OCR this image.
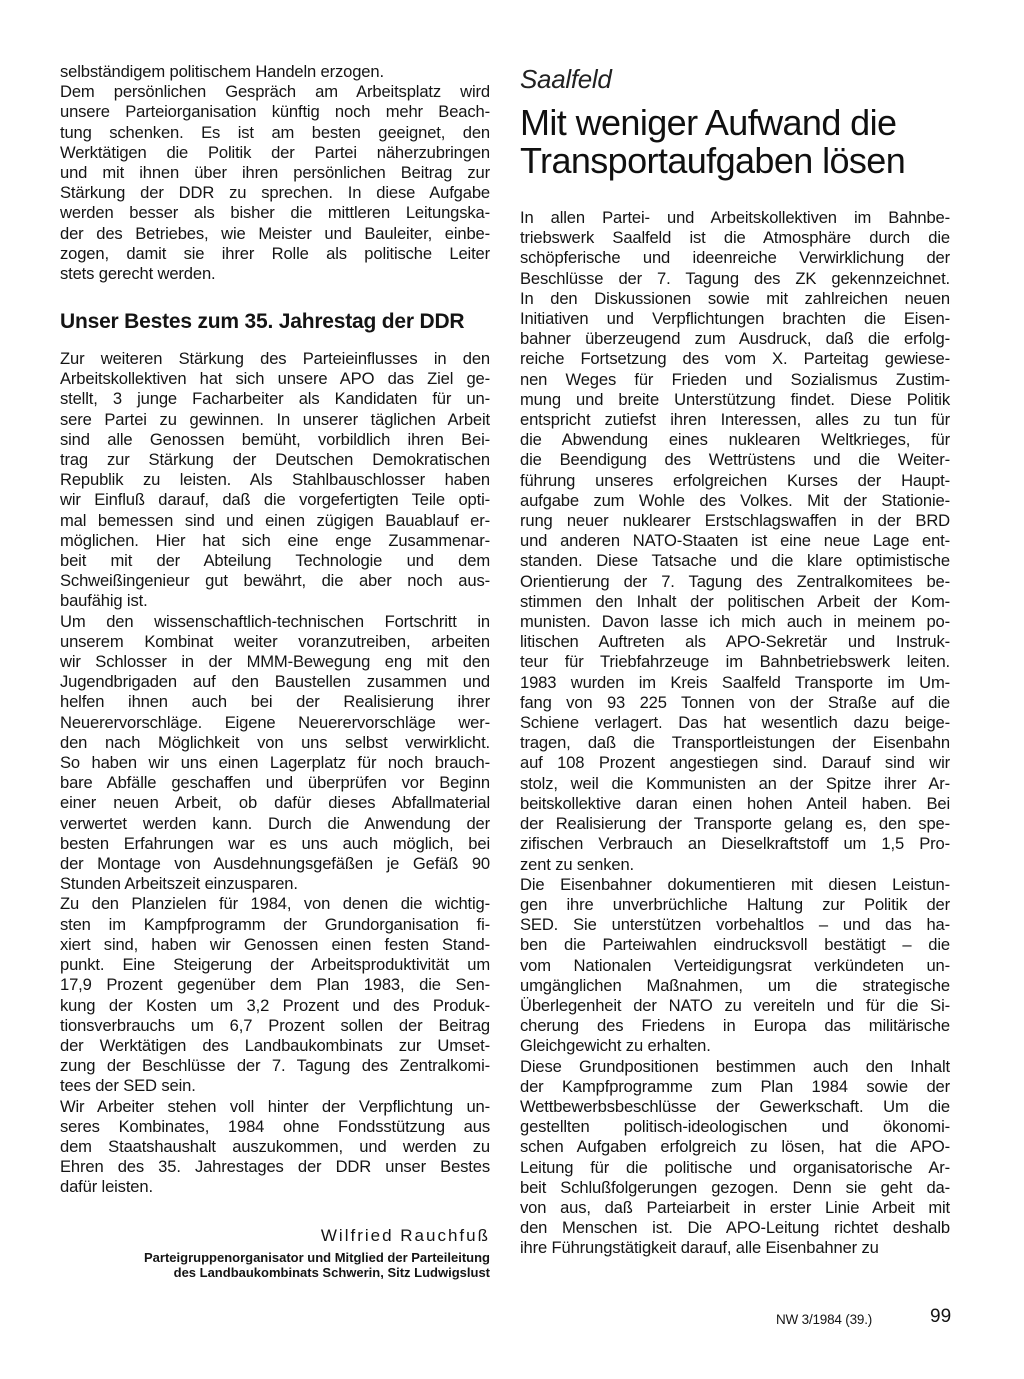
selbständigem politischem Handeln erzogen.

Dem persönlichen Gespräch am Arbeitsplatz wird

unsere Parteiorganisation künftig noch mehr Beach-

tung schenken. Es ist am besten geeignet, den

Werktätigen die Politik der Partei näherzubringen

und mit ihnen über ihren persönlichen Beitrag zur

Stärkung der DDR zu sprechen. In diese Aufgabe

werden besser als bisher die mittleren Leitungska-

der des Betriebes, wie Meister und Bauleiter, einbe-

zogen, damit sie ihrer Rolle als politische Leiter

stets gerecht werden.

Unser Bestes zum 35. Jahrestag der DDR

Zur weiteren Stärkung des Parteieinflusses in den

Arbeitskollektiven hat sich unsere APO das Ziel ge-

stellt, 3 junge Facharbeiter als Kandidaten für un-

sere Partei zu gewinnen. In unserer täglichen Arbeit

sind alle Genossen bemüht, vorbildlich ihren Bei-

trag zur Stärkung der Deutschen Demokratischen

Republik zu leisten. Als Stahlbauschlosser haben

wir Einfluß darauf, daß die vorgefertigten Teile opti-

mal bemessen sind und einen zügigen Bauablauf er-

möglichen. Hier hat sich eine enge Zusammenar-

beit mit der Abteilung Technologie und dem

Schweißingenieur gut bewährt, die aber noch aus-

baufähig ist.

Um den wissenschaftlich-technischen Fortschritt in

unserem Kombinat weiter voranzutreiben, arbeiten

wir Schlosser in der MMM-Bewegung eng mit den

Jugendbrigaden auf den Baustellen zusammen und

helfen ihnen auch bei der Realisierung ihrer

Neuerervorschläge. Eigene Neuerervorschläge wer-

den nach Möglichkeit von uns selbst verwirklicht.

So haben wir uns einen Lagerplatz für noch brauch-

bare Abfälle geschaffen und überprüfen vor Beginn

einer neuen Arbeit, ob dafür dieses Abfallmaterial

verwertet werden kann. Durch die Anwendung der

besten Erfahrungen war es uns auch möglich, bei

der Montage von Ausdehnungsgefäßen je Gefäß 90

Stunden Arbeitszeit einzusparen.

Zu den Planzielen für 1984, von denen die wichtig-

sten im Kampfprogramm der Grundorganisation fi-

xiert sind, haben wir Genossen einen festen Stand-

punkt. Eine Steigerung der Arbeitsproduktivität um

17,9 Prozent gegenüber dem Plan 1983, die Sen-

kung der Kosten um 3,2 Prozent und des Produk-

tionsverbrauchs um 6,7 Prozent sollen der Beitrag

der Werktätigen des Landbaukombinats zur Umset-

zung der Beschlüsse der 7. Tagung des Zentralkomi-

tees der SED sein.

Wir Arbeiter stehen voll hinter der Verpflichtung un-

seres Kombinates, 1984 ohne Fondsstützung aus

dem Staatshaushalt auszukommen, und werden zu

Ehren des 35. Jahrestages der DDR unser Bestes

dafür leisten.

Wilfried Rauchfuß
Parteigruppenorganisator und Mitglied der Parteileitung
des Landbaukombinats Schwerin, Sitz Ludwigslust
Saalfeld
Mit weniger Aufwand die
Transportaufgaben lösen

In allen Partei- und Arbeitskollektiven im Bahnbe-

triebswerk Saalfeld ist die Atmosphäre durch die

schöpferische und ideenreiche Verwirklichung der

Beschlüsse der 7. Tagung des ZK gekennzeichnet.

In den Diskussionen sowie mit zahlreichen neuen

Initiativen und Verpflichtungen brachten die Eisen-

bahner überzeugend zum Ausdruck, daß die erfolg-

reiche Fortsetzung des vom X. Parteitag gewiese-

nen Weges für Frieden und Sozialismus Zustim-

mung und breite Unterstützung findet. Diese Politik

entspricht zutiefst ihren Interessen, alles zu tun für

die Abwendung eines nuklearen Weltkrieges, für

die Beendigung des Wettrüstens und die Weiter-

führung unseres erfolgreichen Kurses der Haupt-

aufgabe zum Wohle des Volkes. Mit der Stationie-

rung neuer nuklearer Erstschlagswaffen in der BRD

und anderen NATO-Staaten ist eine neue Lage ent-

standen. Diese Tatsache und die klare optimistische

Orientierung der 7. Tagung des Zentralkomitees be-

stimmen den Inhalt der politischen Arbeit der Kom-

munisten. Davon lasse ich mich auch in meinem po-

litischen Auftreten als APO-Sekretär und Instruk-

teur für Triebfahrzeuge im Bahnbetriebswerk leiten.

1983 wurden im Kreis Saalfeld Transporte im Um-

fang von 93 225 Tonnen von der Straße auf die

Schiene verlagert. Das hat wesentlich dazu beige-

tragen, daß die Transportleistungen der Eisenbahn

auf 108 Prozent angestiegen sind. Darauf sind wir

stolz, weil die Kommunisten an der Spitze ihrer Ar-

beitskollektive daran einen hohen Anteil haben. Bei

der Realisierung der Transporte gelang es, den spe-

zifischen Verbrauch an Dieselkraftstoff um 1,5 Pro-

zent zu senken.

Die Eisenbahner dokumentieren mit diesen Leistun-

gen ihre unverbrüchliche Haltung zur Politik der

SED. Sie unterstützen vorbehaltlos – und das ha-

ben die Parteiwahlen eindrucksvoll bestätigt – die

vom Nationalen Verteidigungsrat verkündeten un-

umgänglichen Maßnahmen, um die strategische

Überlegenheit der NATO zu vereiteln und für die Si-

cherung des Friedens in Europa das militärische

Gleichgewicht zu erhalten.

Diese Grundpositionen bestimmen auch den Inhalt

der Kampfprogramme zum Plan 1984 sowie der

Wettbewerbsbeschlüsse der Gewerkschaft. Um die

gestellten politisch-ideologischen und ökonomi-

schen Aufgaben erfolgreich zu lösen, hat die APO-

Leitung für die politische und organisatorische Ar-

beit Schlußfolgerungen gezogen. Denn sie geht da-

von aus, daß Parteiarbeit in erster Linie Arbeit mit

den Menschen ist. Die APO-Leitung richtet deshalb

ihre Führungstätigkeit darauf, alle Eisenbahner zu

NW 3/1984 (39.)	99
